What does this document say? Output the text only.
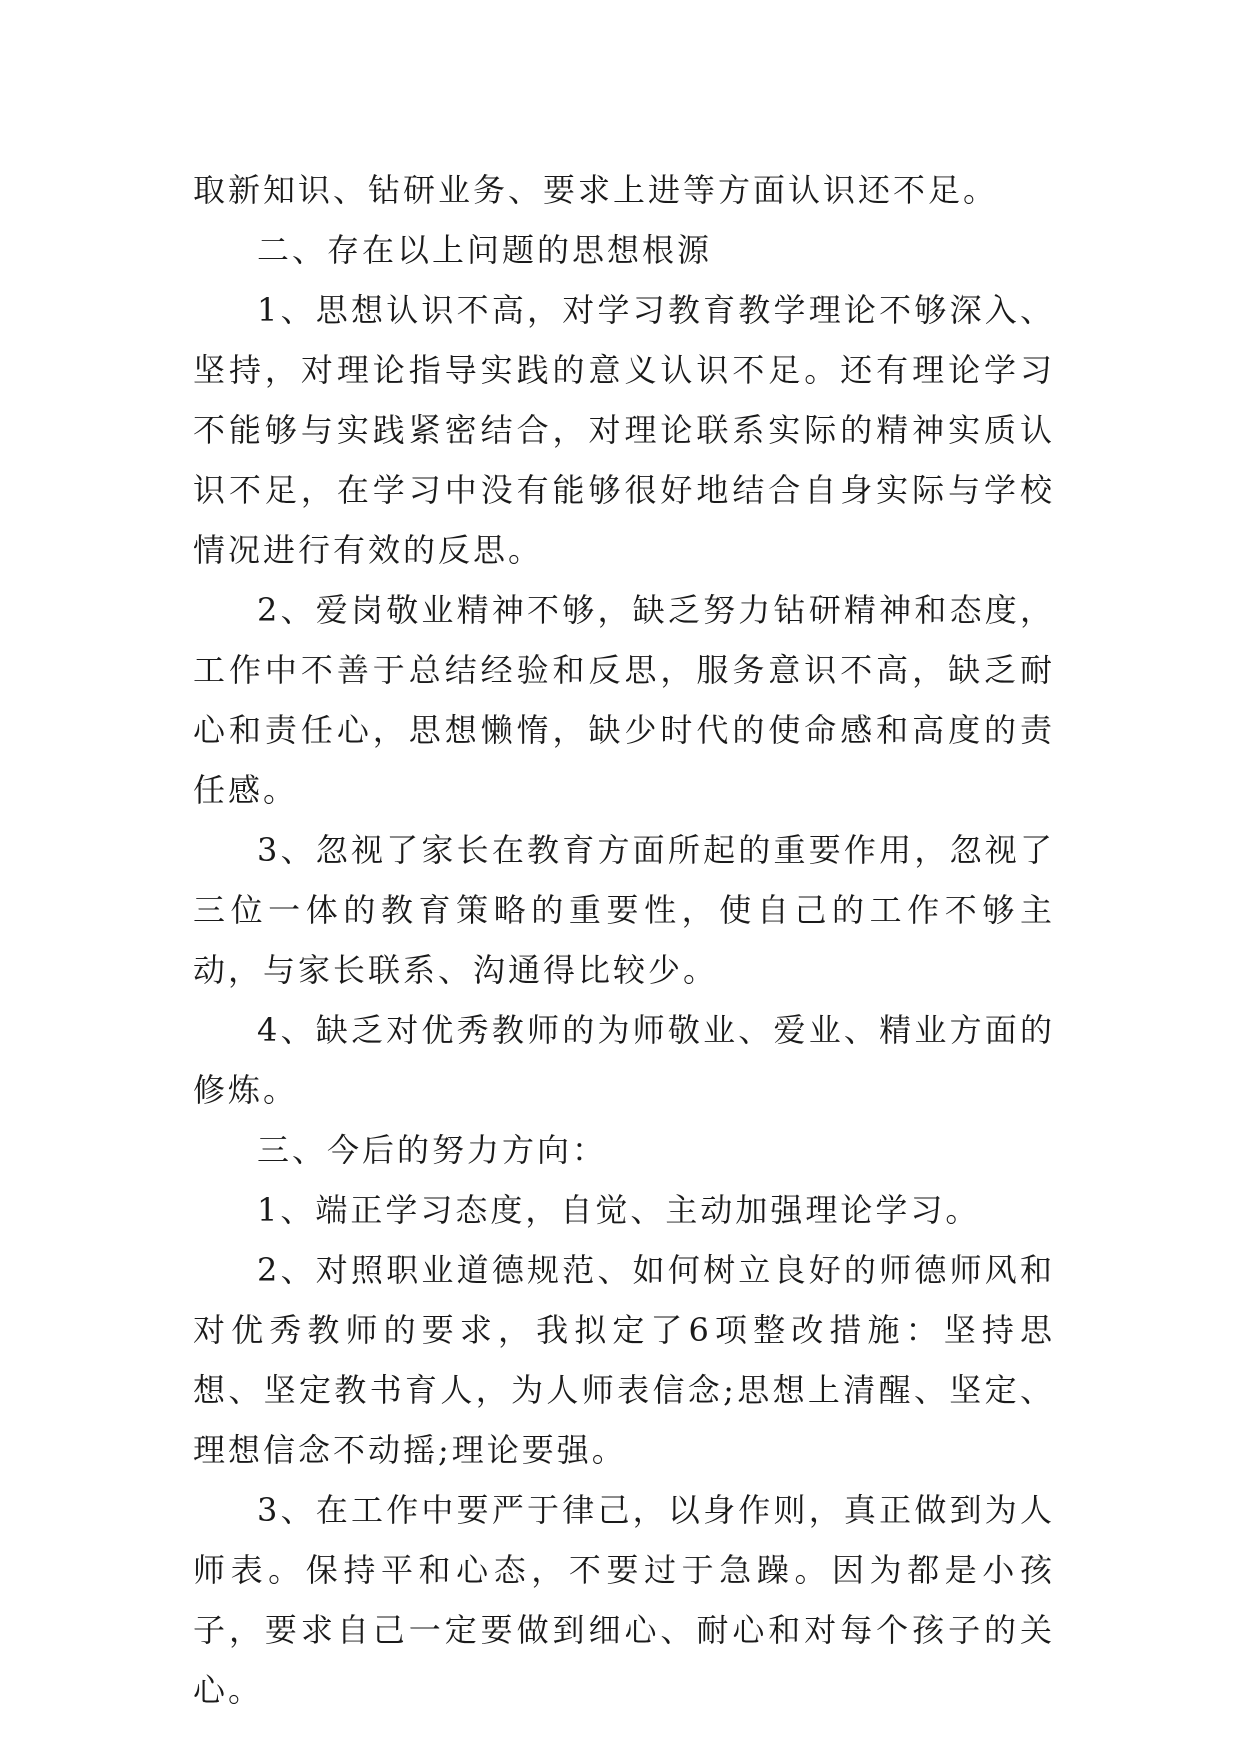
取新知识、钻研业务、要求上进等方面认识还不足。

二、存在以上问题的思想根源

1、思想认识不高，对学习教育教学理论不够深入、坚持，对理论指导实践的意义认识不足。还有理论学习不能够与实践紧密结合，对理论联系实际的精神实质认识不足，在学习中没有能够很好地结合自身实际与学校情况进行有效的反思。

2、爱岗敬业精神不够，缺乏努力钻研精神和态度，工作中不善于总结经验和反思，服务意识不高，缺乏耐心和责任心，思想懒惰，缺少时代的使命感和高度的责任感。

3、忽视了家长在教育方面所起的重要作用，忽视了三位一体的教育策略的重要性，使自己的工作不够主动，与家长联系、沟通得比较少。

4、缺乏对优秀教师的为师敬业、爱业、精业方面的修炼。

三、今后的努力方向：

1、端正学习态度，自觉、主动加强理论学习。

2、对照职业道德规范、如何树立良好的师德师风和对优秀教师的要求，我拟定了6项整改措施：坚持思想、坚定教书育人，为人师表信念;思想上清醒、坚定、理想信念不动摇;理论要强。

3、在工作中要严于律己，以身作则，真正做到为人师表。保持平和心态，不要过于急躁。因为都是小孩子，要求自己一定要做到细心、耐心和对每个孩子的关心。
